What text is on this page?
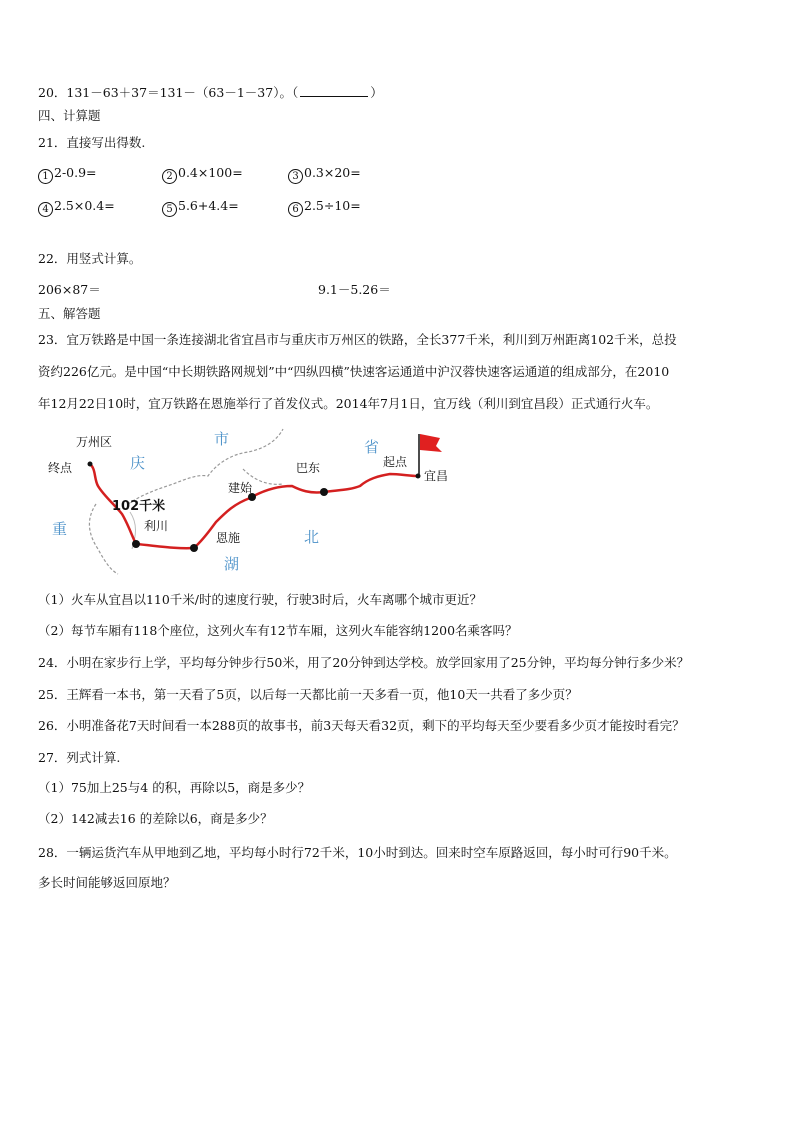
20．131－63＋37＝131－（63－1－37）。（	）
四、计算题
21．直接写出得数.
1 2-0.9=	2 0.4×100=	3 0.3×20=
4 2.5×0.4=	5 5.6+4.4=	6 2.5÷10=
22．用竖式计算。
206×87＝	9.1－5.26＝
五、解答题
23．宜万铁路是中国一条连接湖北省宜昌市与重庆市万州区的铁路，全长377千米，利川到万州距离102千米，总投
资约226亿元。是中国“中长期铁路网规划”中“四纵四横”快速客运通道中沪汉蓉快速客运通道的组成部分，在2010
年12月22日10时，宜万铁路在恩施举行了首发仪式。2014年7月1日，宜万线（利川到宜昌段）正式通行火车。
万州区
终点	庆
市	省
起点
宜昌
巴东
建始
102千米
利川
恩施
湖
北
重
（1）火车从宜昌以110千米/时的速度行驶，行驶3时后，火车离哪个城市更近？
（2）每节车厢有118个座位，这列火车有12节车厢，这列火车能容纳1200名乘客吗？
24．小明在家步行上学，平均每分钟步行50米，用了20分钟到达学校。放学回家用了25分钟，平均每分钟行多少米？
25．王辉看一本书，第一天看了5页，以后每一天都比前一天多看一页，他10天一共看了多少页？
26．小明准备花7天时间看一本288页的故事书，前3天每天看32页，剩下的平均每天至少要看多少页才能按时看完？
27．列式计算.
（1）75加上25与4 的积，再除以5，商是多少？
（2）142减去16 的差除以6，商是多少？
28．一辆运货汽车从甲地到乙地，平均每小时行72千米，10小时到达。回来时空车原路返回，每小时可行90千米。
多长时间能够返回原地？
